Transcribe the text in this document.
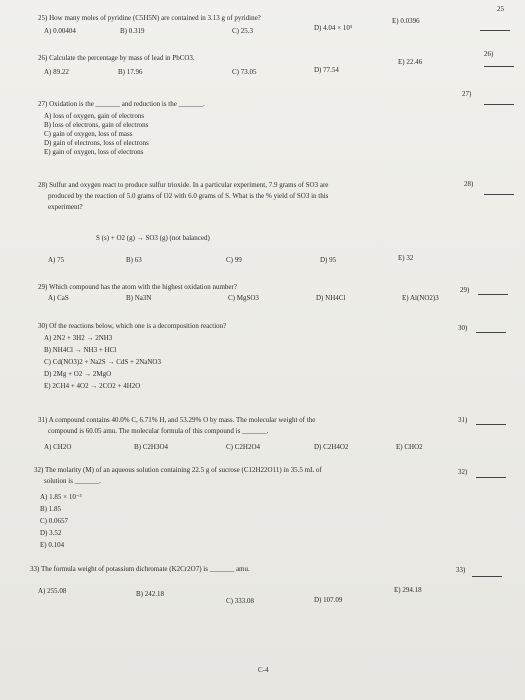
25
25) How many moles of pyridine (C5H5N) are contained in 3.13 g of pyridine?
A) 0.00404	B) 0.319	C) 25.3	D) 4.04 × 10³
E) 0.0396
26) Calculate the percentage by mass of lead in PbCO3.
A) 89.22	B) 17.96	C) 73.05	D) 77.54
E) 22.46
26)
27) Oxidation is the _______ and reduction is the _______.
A) loss of oxygen, gain of electrons
B) loss of electrons, gain of electrons
C) gain of oxygen, loss of mass
D) gain of electrons, loss of electrons
E) gain of oxygen, loss of electrons
27)
28) Sulfur and oxygen react to produce sulfur trioxide. In a particular experiment, 7.9 grams of SO3 are
produced by the reaction of 5.0 grams of O2 with 6.0 grams of S. What is the % yield of SO3 in this
experiment?
S (s) + O2 (g) → SO3 (g) (not balanced)
A) 75	B) 63	C) 99	D) 95	E) 32
28)
29) Which compound has the atom with the highest oxidation number?
A) CaS	B) Na3N	C) MgSO3	D) NH4Cl	E) Al(NO2)3
29)
30) Of the reactions below, which one is a decomposition reaction?
A) 2N2 + 3H2 → 2NH3
B) NH4Cl → NH3 + HCl
C) Cd(NO3)2 + Na2S → CdS + 2NaNO3
D) 2Mg + O2 → 2MgO
E) 2CH4 + 4O2 → 2CO2 + 4H2O
30)
31) A compound contains 40.0% C, 6.71% H, and 53.29% O by mass. The molecular weight of the
compound is 60.05 amu. The molecular formula of this compound is _______.
A) CH2O	B) C2H3O4	C) C2H2O4	D) C2H4O2	E) CHO2
31)
32) The molarity (M) of an aqueous solution containing 22.5 g of sucrose (C12H22O11) in 35.5 mL of
solution is _______.
A) 1.85 × 10⁻³
B) 1.85
C) 0.0657
D) 3.52
E) 0.104
32)
33) The formula weight of potassium dichromate (K2Cr2O7) is _______ amu.
A) 255.08	B) 242.18
C) 333.08	D) 107.09
E) 294.18
33)
C-4
